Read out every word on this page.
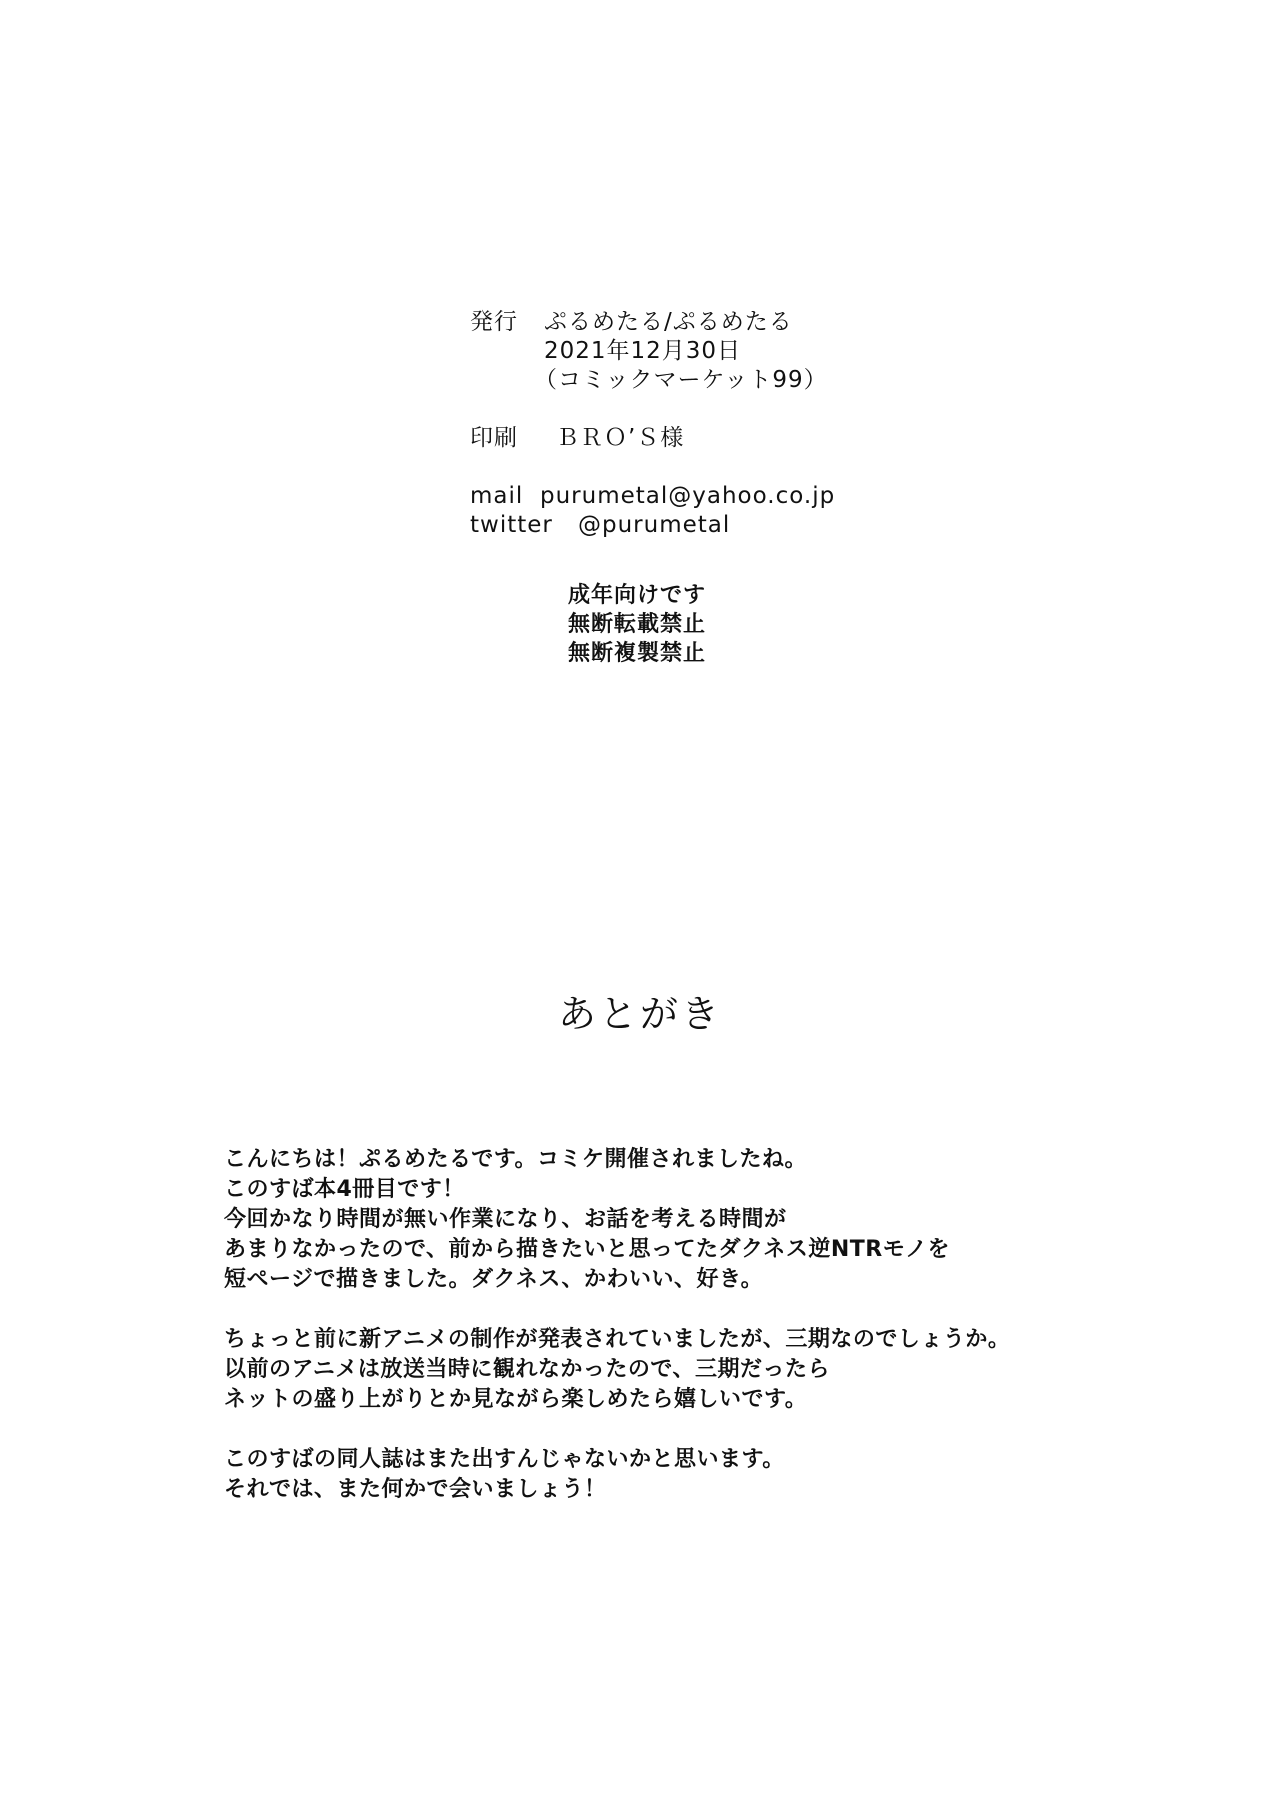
発行 ぷるめたる/ぷるめたる
2021年12月30日
（コミックマーケット99）
印刷 ＢＲＯ’Ｓ様
mail purumetal@yahoo.co.jp
twitter @purumetal
成年向けです
無断転載禁止
無断複製禁止
あとがき
こんにちは！ぷるめたるです。コミケ開催されましたね。
このすば本4冊目です！
今回かなり時間が無い作業になり、お話を考える時間が
あまりなかったので、前から描きたいと思ってたダクネス逆NTRモノを
短ページで描きました。ダクネス、かわいい、好き。
ちょっと前に新アニメの制作が発表されていましたが、三期なのでしょうか。
以前のアニメは放送当時に観れなかったので、三期だったら
ネットの盛り上がりとか見ながら楽しめたら嬉しいです。
このすばの同人誌はまた出すんじゃないかと思います。
それでは、また何かで会いましょう！
